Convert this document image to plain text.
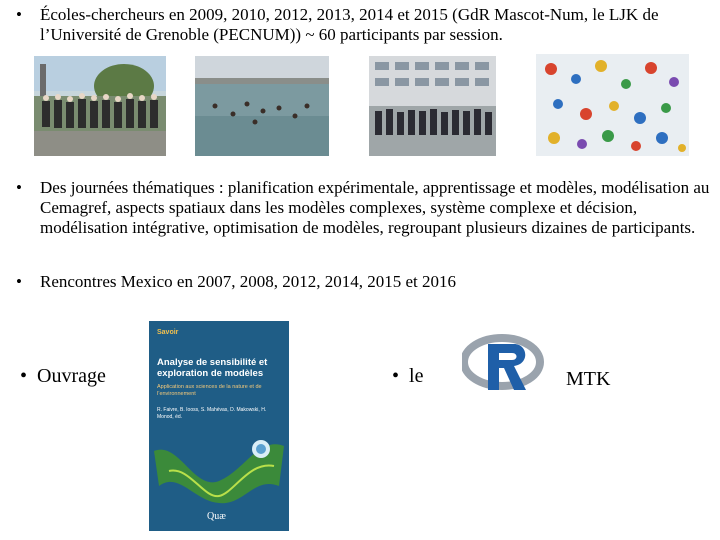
• Écoles-chercheurs en 2009, 2010, 2012, 2013, 2014 et 2015 (GdR Mascot-Num, le LJK de l’Université de Grenoble (PECNUM)) ~ 60 participants par session.
• Des journées thématiques : planification expérimentale, apprentissage et modèles, modélisation au Cemagref, aspects spatiaux dans les modèles complexes, système complexe et décision, modélisation intégrative, optimisation de modèles, regroupant plusieurs dizaines de participants.
• Rencontres Mexico en 2007, 2008, 2012, 2014, 2015 et 2016
• Ouvrage
Savoir
Analyse de sensibilité et exploration de modèles
Application aux sciences de la nature et de l’environnement
R. Faivre, B. Iooss, S. Mahévas, D. Makowski, H. Monod, éd.
Quæ
• le	MTK
